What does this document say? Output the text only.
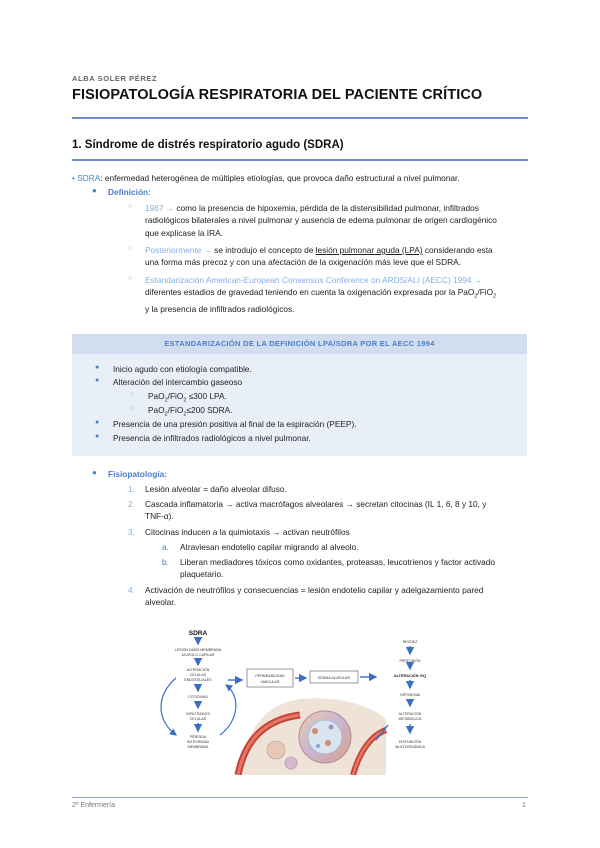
ALBA SOLER PÉREZ
FISIOPATOLOGÍA RESPIRATORIA DEL PACIENTE CRÍTICO
1. Síndrome de distrés respiratorio agudo (SDRA)
• SDRA: enfermedad heterogénea de múltiples etiologías, que provoca daño estructural a nivel pulmonar.
● Definición:
○ 1967 → como la presencia de hipoxemia, pérdida de la distensibilidad pulmonar, infiltrados
radiológicos bilaterales a nivel pulmonar y ausencia de edema pulmonar de origen cardiogénico
que explicase la IRA.
○ Posteriormente → se introdujo el concepto de lesión pulmonar aguda (LPA) considerando esta
una forma más precoz y con una afectación de la oxigenación más leve que el SDRA.
○ Estandarización American-European Consensus Conference on ARDS/ALI (AECC) 1994 →
diferentes estadios de gravedad teniendo en cuenta la oxigenación expresada por la PaO$_2$/FiO$_2$
y la presencia de infiltrados radiológicos.
ESTANDARIZACIÓN DE LA DEFINICIÓN LPA/SDRA POR EL AECC 1994
● Inicio agudo con etiología compatible.
● Alteración del intercambio gaseoso
○ PaO$_2$/FiO$_2$ ≤300 LPA.
○ PaO$_2$/FiO$_2$≤200 SDRA.
● Presencia de una presión positiva al final de la espiración (PEEP).
● Presencia de infiltrados radiológicos a nivel pulmonar.
● Fisiopatología:
1. Lesión alveolar = daño alveolar difuso.
2. Cascada inflamatoria → activa macrófagos alveolares → secretan citocinas (IL 1, 6, 8 y 10, y
TNF-α).
3. Citocinas inducen a la quimiotaxis → activan neutrófilos
a. Atraviesan endotelio capilar migrando al alveolo.
b. Liberan mediadores tóxicos como oxidantes, proteasas, leucotrienos y factor activado
plaquetario.
4. Activación de neutrófilos y consecuencias = lesión endotelio capilar y adelgazamiento pared
alveolar.
SDRA
LESIÓN DAÑO MEMBRANA
ALVEOLO CAPILAR
ALTERACIÓN
CÉLULAS
ENDOTELIALES
CITOCINAS
INFILTRADOS
CELULAR
PÉRDIDA
INTEGRIDAD
MEMBRANA
PERMEABILIDAD
VASCULAR
EDEMA ALVEOLAR
RIGIDEZ
PERFUSIÓN
ALTERACIÓN V/Q
HIPOXEMIA
ALTERACIÓN
METABÓLICA
DISFUNCIÓN
MULTIORGÁNICA
2º Enfermería	1
